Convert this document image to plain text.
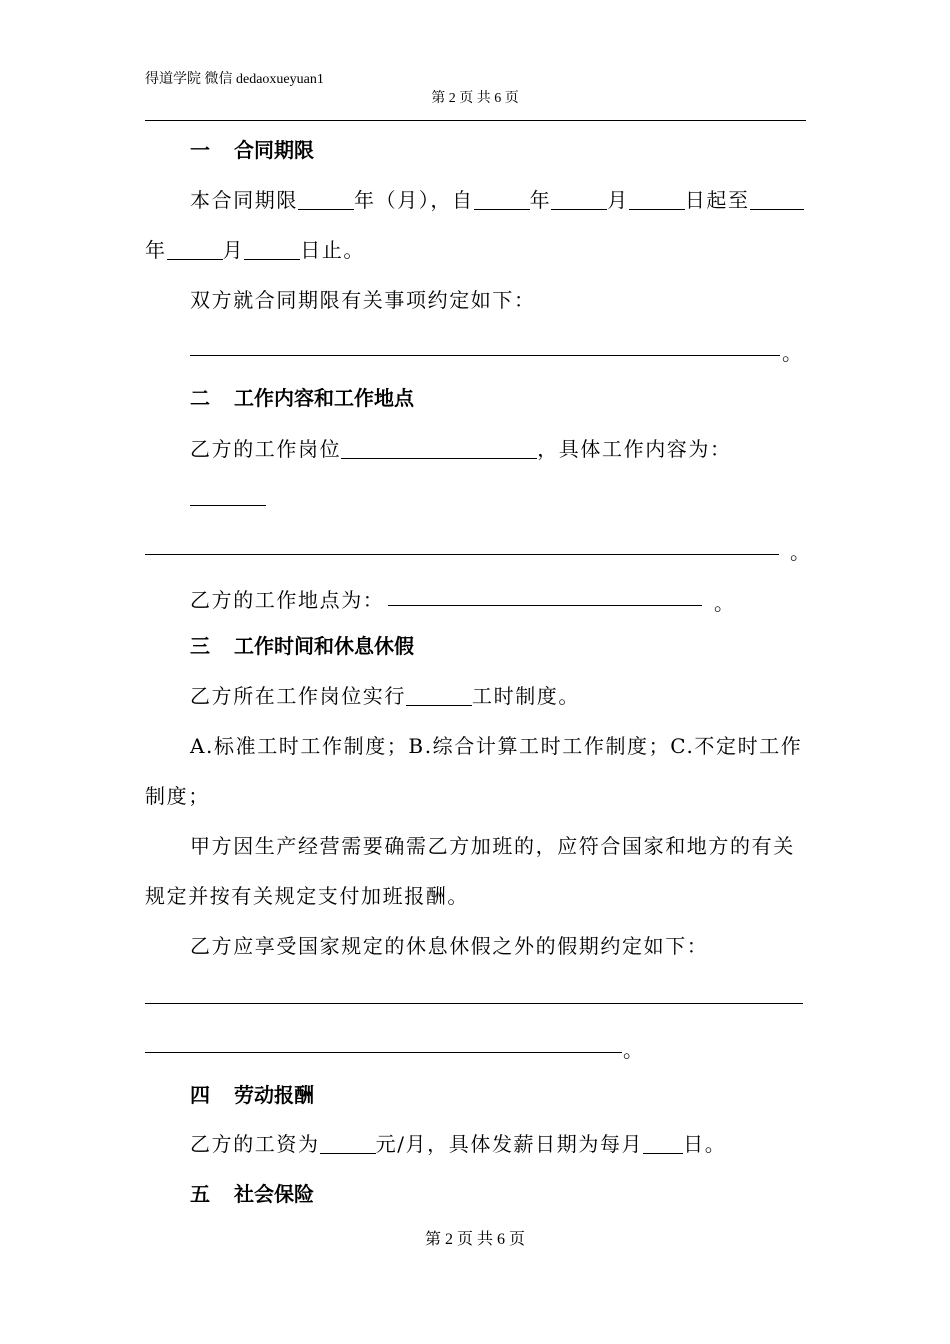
得道学院 微信 dedaoxueyuan1
第 2 页 共 6 页
一 合同期限
本合同期限	年（月），自	年	月	日起至
年	月	日止。
双方就合同期限有关事项约定如下：
。
二 工作内容和工作地点
乙方的工作岗位	，具体工作内容为：
。
乙方的工作地点为：	。
三 工作时间和休息休假
乙方所在工作岗位实行	工时制度。
A.标准工时工作制度；B.综合计算工时工作制度；C.不定时工作
制度；
甲方因生产经营需要确需乙方加班的，应符合国家和地方的有关
规定并按有关规定支付加班报酬。
乙方应享受国家规定的休息休假之外的假期约定如下：
。
四 劳动报酬
乙方的工资为	元/月，具体发薪日期为每月 日。
五 社会保险
第 2 页 共 6 页
